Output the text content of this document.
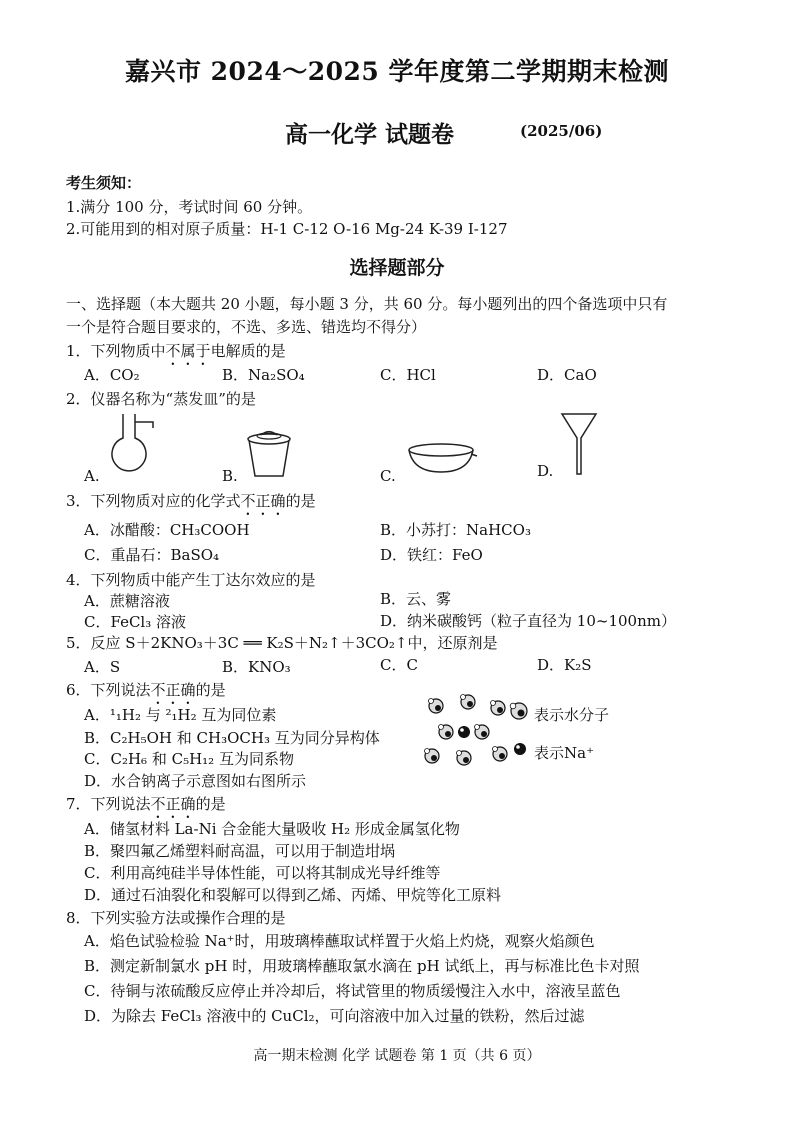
嘉兴市 2024～2025 学年度第二学期期末检测
高一化学 试题卷	(2025/06)
考生须知：
1.满分 100 分，考试时间 60 分钟。
2.可能用到的相对原子质量：H-1 C-12 O-16 Mg-24 K-39 I-127
选择题部分
一、选择题（本大题共 20 小题，每小题 3 分，共 60 分。每小题列出的四个备选项中只有
一个是符合题目要求的，不选、多选、错选均不得分）
1．下列物质中不属于电解质的是
A．CO₂	B．Na₂SO₄	C．HCl	D．CaO
2．仪器名称为“蒸发皿”的是
A.	B.	C.	D.
3．下列物质对应的化学式不正确的是
A．冰醋酸：CH₃COOH	B．小苏打：NaHCO₃
C．重晶石：BaSO₄	D．铁红：FeO
4．下列物质中能产生丁达尔效应的是
A．蔗糖溶液	B．云、雾
C．FeCl₃ 溶液	D．纳米碳酸钙（粒子直径为 10~100nm）
5．反应 S＋2KNO₃＋3C ══ K₂S＋N₂↑＋3CO₂↑中，还原剂是
A．S	B．KNO₃	C．C	D．K₂S
6．下列说法不正确的是
A．¹₁H₂ 与 ²₁H₂ 互为同位素
B．C₂H₅OH 和 CH₃OCH₃ 互为同分异构体
C．C₂H₆ 和 C₅H₁₂ 互为同系物
D．水合钠离子示意图如右图所示
表示水分子
表示Na⁺
7．下列说法不正确的是
A．储氢材料 La-Ni 合金能大量吸收 H₂ 形成金属氢化物
B．聚四氟乙烯塑料耐高温，可以用于制造坩埚
C．利用高纯硅半导体性能，可以将其制成光导纤维等
D．通过石油裂化和裂解可以得到乙烯、丙烯、甲烷等化工原料
8．下列实验方法或操作合理的是
A．焰色试验检验 Na⁺时，用玻璃棒蘸取试样置于火焰上灼烧，观察火焰颜色
B．测定新制氯水 pH 时，用玻璃棒蘸取氯水滴在 pH 试纸上，再与标准比色卡对照
C．待铜与浓硫酸反应停止并冷却后，将试管里的物质缓慢注入水中，溶液呈蓝色
D．为除去 FeCl₃ 溶液中的 CuCl₂，可向溶液中加入过量的铁粉，然后过滤
高一期末检测 化学 试题卷 第 1 页（共 6 页）
